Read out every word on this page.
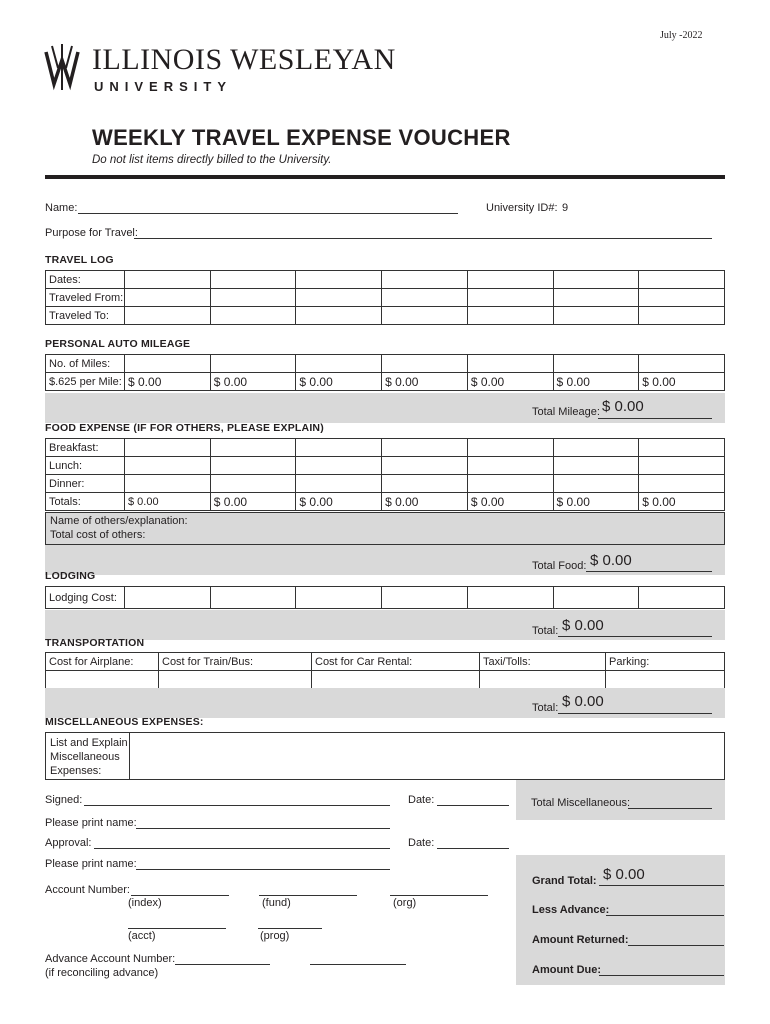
July -2022
ILLINOIS WESLEYAN
UNIVERSITY
WEEKLY TRAVEL EXPENSE VOUCHER
Do not list items directly billed to the University.
Name:	University ID#: 9
Purpose for Travel:
TRAVEL LOG
Dates:							
Traveled From:							
Traveled To:							
PERSONAL AUTO MILEAGE
No. of Miles:							
$.625 per Mile:	$ 0.00	$ 0.00	$ 0.00	$ 0.00	$ 0.00	$ 0.00	$ 0.00
Total Mileage: $ 0.00
FOOD EXPENSE (IF FOR OTHERS, PLEASE EXPLAIN)
Breakfast:							
Lunch:							
Dinner:							
Totals:	$ 0.00	$ 0.00	$ 0.00	$ 0.00	$ 0.00	$ 0.00	$ 0.00
Name of others/explanation:
Total cost of others:
Total Food: $ 0.00
LODGING
Lodging Cost:							
Total: $ 0.00
TRANSPORTATION
Cost for Airplane:	Cost for Train/Bus:	Cost for Car Rental:	Taxi/Tolls:	Parking:

Total: $ 0.00
MISCELLANEOUS EXPENSES:
List and Explain
Miscellaneous
Expenses:
Total Miscellaneous:
Signed:	Date:
Please print name:
Approval:	Date:
Please print name:
Account Number:
(index)	(fund)	(org)
(acct)	(prog)
Advance Account Number:
(if reconciling advance)
Grand Total: $ 0.00
Less Advance:
Amount Returned:
Amount Due:
